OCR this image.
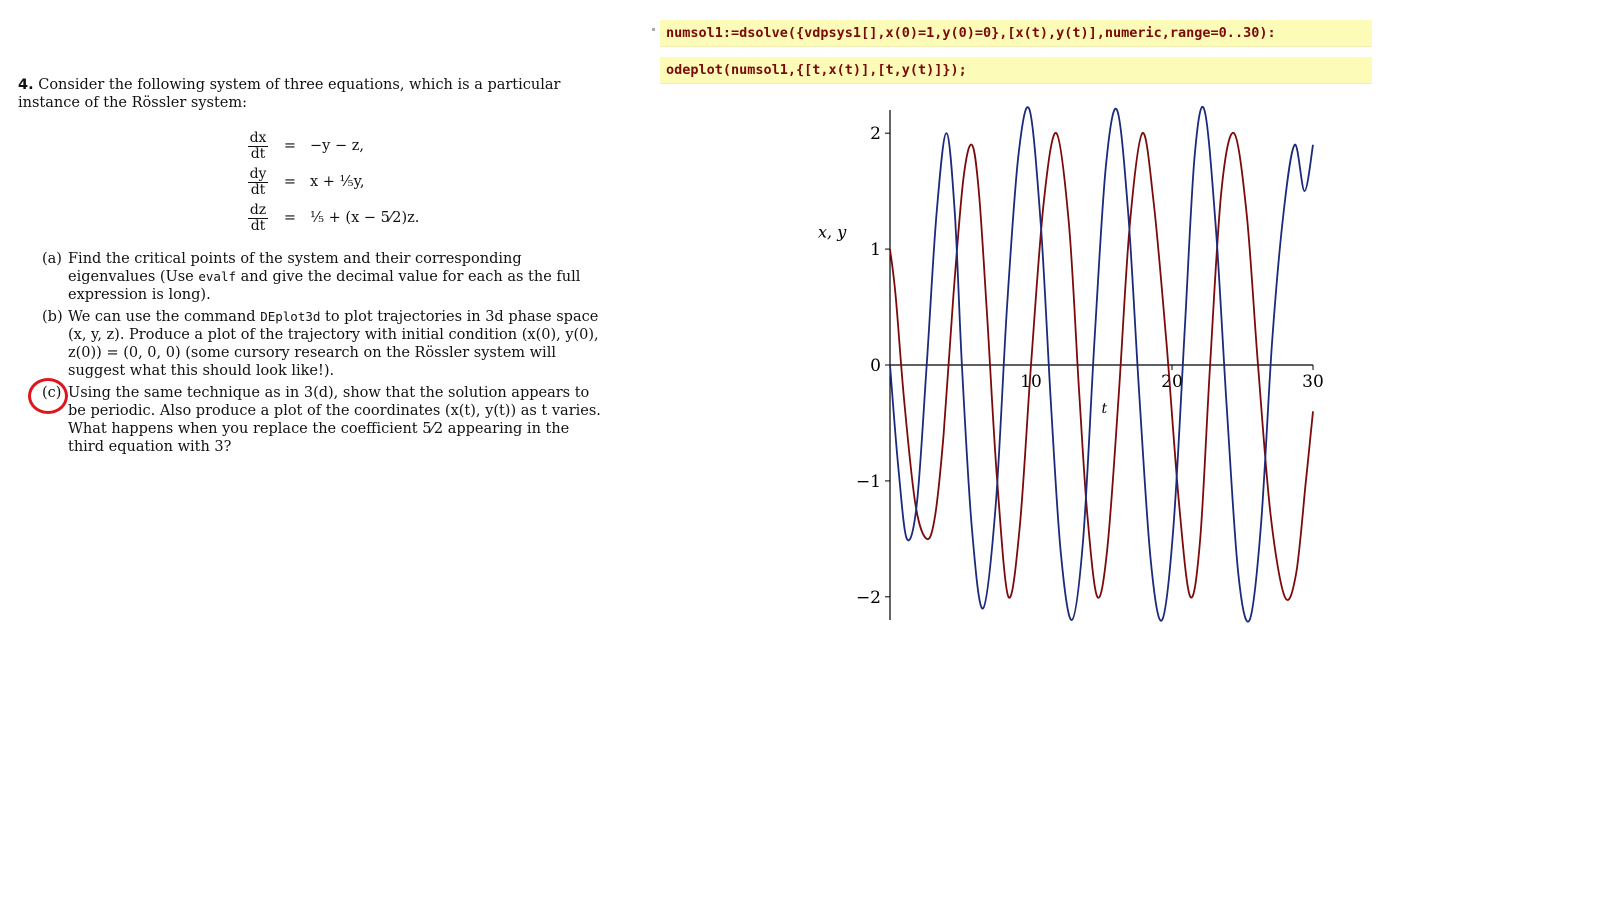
4. Consider the following system of three equations, which is a particular instance of the Rössler system:

$\frac{dx}{dt} = -y - z$,
$\frac{dy}{dt} = x$ + ⅕y,
$\frac{dz}{dt}$ = ⅕ + (x − 5⁄2)z.
(a) Find the critical points of the system and their corresponding eigenvalues (Use evalf and give the decimal value for each as the full expression is long).
(b) We can use the command DEplot3d to plot trajectories in 3d phase space (x, y, z). Produce a plot of the trajectory with initial condition (x(0), y(0), z(0)) = (0, 0, 0) (some cursory research on the Rössler system will suggest what this should look like!).
(c) Using the same technique as in 3(d), show that the solution appears to be periodic. Also produce a plot of the coordinates (x(t), y(t)) as t varies. What happens when you replace the coefficient 5⁄2 appearing in the third equation with 3?
numsol1:=dsolve({vdpsys1[],x(0)=1,y(0)=0},[x(t),y(t)],numeric,range=0..30):
odeplot(numsol1,{[t,x(t)],[t,y(t)]});
−2
−1
0
1
2
10	20	30
x, y
t
